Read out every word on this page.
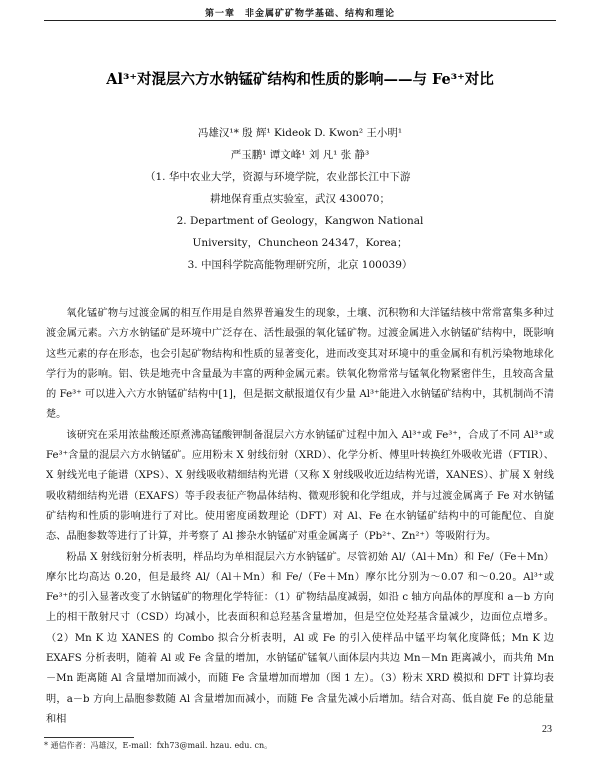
第一章　非金属矿矿物学基础、结构和理论
Al³⁺对混层六方水钠锰矿结构和性质的影响——与 Fe³⁺对比
冯雄汉¹* 殷 辉¹ Kideok D. Kwon² 王小明¹
严玉鹏¹ 谭文峰¹ 刘 凡¹ 张 静³
（1. 华中农业大学，资源与环境学院，农业部长江中下游
耕地保育重点实验室，武汉 430070；
2. Department of Geology，Kangwon National
University，Chuncheon 24347，Korea；
3. 中国科学院高能物理研究所，北京 100039）

氧化锰矿物与过渡金属的相互作用是自然界普遍发生的现象，土壤、沉积物和大洋锰结核中常常富集多种过渡金属元素。六方水钠锰矿是环境中广泛存在、活性最强的氧化锰矿物。过渡金属进入水钠锰矿结构中，既影响这些元素的存在形态，也会引起矿物结构和性质的显著变化，进而改变其对环境中的重金属和有机污染物地球化学行为的影响。铝、铁是地壳中含量最为丰富的两种金属元素。铁氧化物常常与锰氧化物紧密伴生，且较高含量的 Fe³⁺ 可以进入六方水钠锰矿结构中[1]，但是据文献报道仅有少量 Al³⁺能进入水钠锰矿结构中，其机制尚不清楚。

该研究在采用浓盐酸还原煮沸高锰酸钾制备混层六方水钠锰矿过程中加入 Al³⁺或 Fe³⁺，合成了不同 Al³⁺或 Fe³⁺含量的混层六方水钠锰矿。应用粉末 X 射线衍射（XRD）、化学分析、傅里叶转换红外吸收光谱（FTIR）、X 射线光电子能谱（XPS）、X 射线吸收精细结构光谱（又称 X 射线吸收近边结构光谱，XANES）、扩展 X 射线吸收精细结构光谱（EXAFS）等手段表征产物晶体结构、微观形貌和化学组成，并与过渡金属离子 Fe 对水钠锰矿结构和性质的影响进行了对比。使用密度函数理论（DFT）对 Al、Fe 在水钠锰矿结构中的可能配位、自旋态、晶胞参数等进行了计算，并考察了 Al 掺杂水钠锰矿对重金属离子（Pb²⁺、Zn²⁺）等吸附行为。

粉晶 X 射线衍射分析表明，样品均为单相混层六方水钠锰矿。尽管初始 Al/（Al＋Mn）和 Fe/（Fe＋Mn）摩尔比均高达 0.20，但是最终 Al/（Al＋Mn）和 Fe/（Fe＋Mn）摩尔比分别为～0.07 和～0.20。Al³⁺或 Fe³⁺的引入显著改变了水钠锰矿的物理化学特征：（1）矿物结晶度减弱，如沿 c 轴方向晶体的厚度和 a－b 方向上的相干散射尺寸（CSD）均减小，比表面积和总羟基含量增加，但是空位处羟基含量减少，边面位点增多。（2）Mn K 边 XANES 的 Combo 拟合分析表明，Al 或 Fe 的引入使样品中锰平均氧化度降低；Mn K 边 EXAFS 分析表明，随着 Al 或 Fe 含量的增加，水钠锰矿锰氧八面体层内共边 Mn－Mn 距离减小，而共角 Mn－Mn 距离随 Al 含量增加而减小，而随 Fe 含量增加而增加（图 1 左）。（3）粉末 XRD 模拟和 DFT 计算均表明，a－b 方向上晶胞参数随 Al 含量增加而减小，而随 Fe 含量先减小后增加。结合对高、低自旋 Fe 的总能量和相

23
* 通信作者：冯雄汉，E-mail：fxh73@mail. hzau. edu. cn。
